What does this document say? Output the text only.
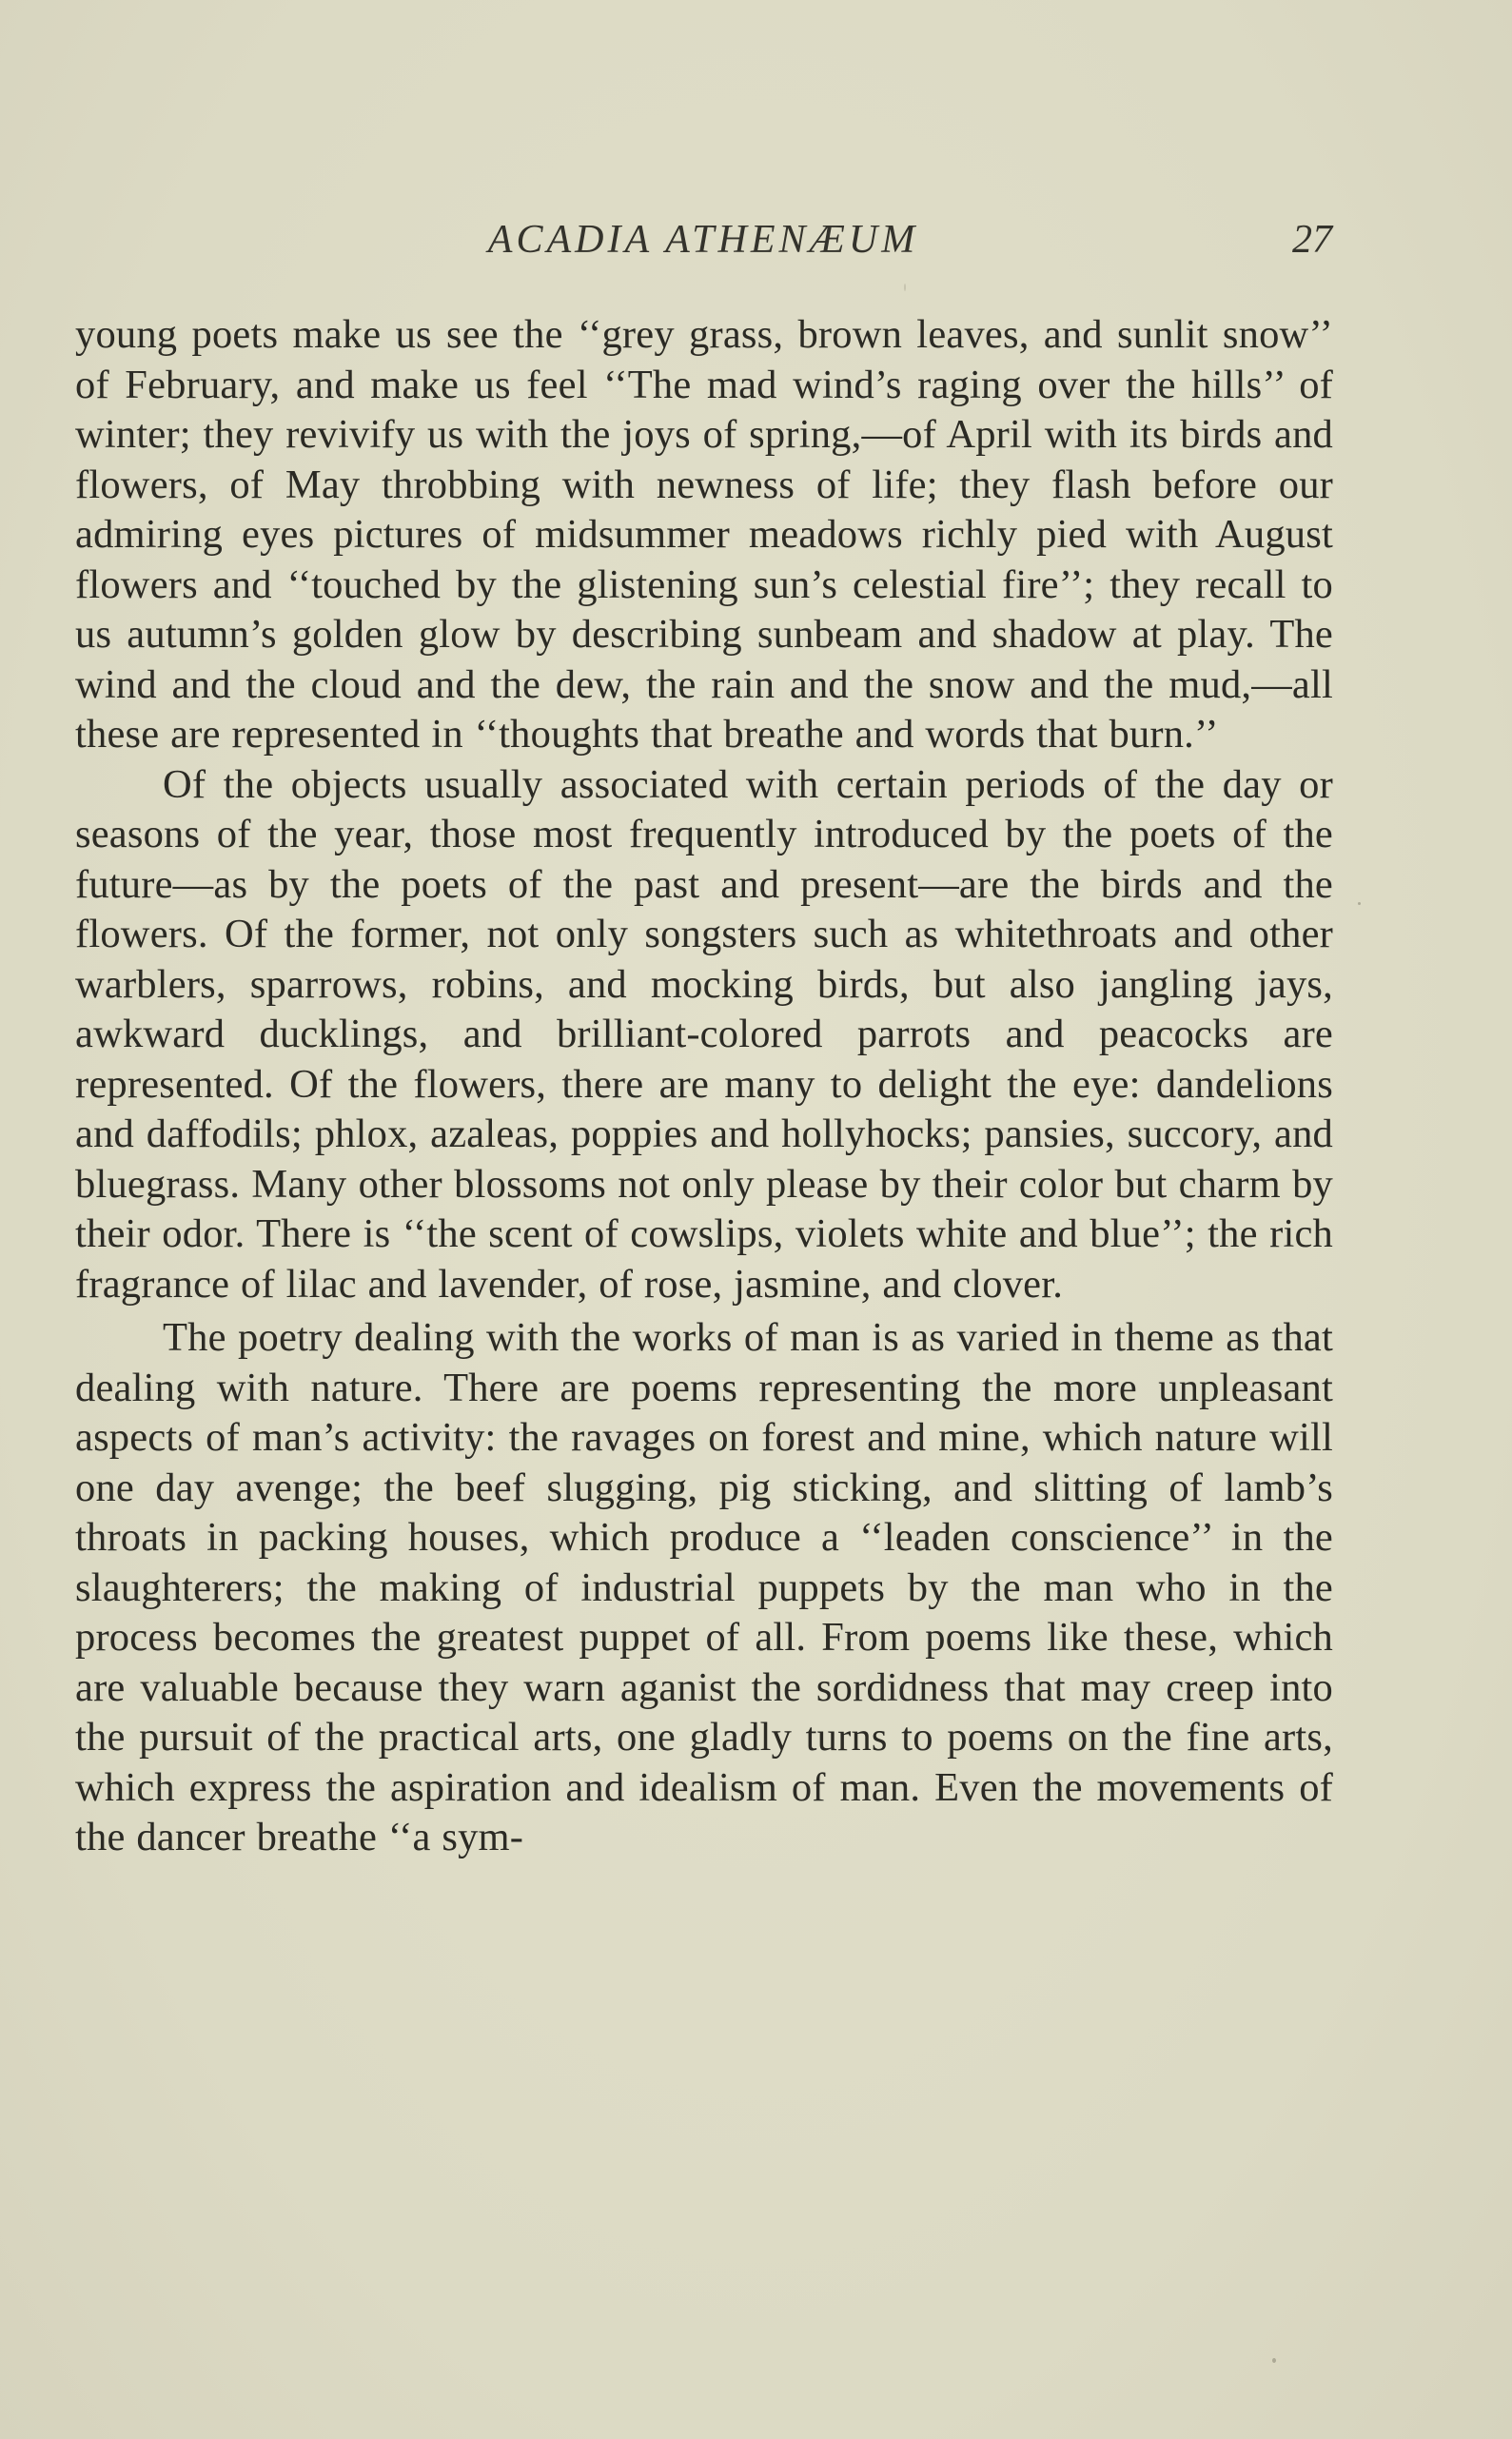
ACADIA ATHENÆUM	27

young poets make us see the ‘‘grey grass, brown leaves, and sunlit snow’’ of February, and make us feel ‘‘The mad wind’s raging over the hills’’ of winter; they revivify us with the joys of spring,—of April with its birds and flowers, of May throbbing with newness of life; they flash before our admiring eyes pictures of midsummer meadows richly pied with August flowers and ‘‘touched by the glistening sun’s celestial fire’’; they recall to us autumn’s golden glow by describing sunbeam and shadow at play. The wind and the cloud and the dew, the rain and the snow and the mud,—all these are represented in ‘‘thoughts that breathe and words that burn.’’

Of the objects usually associated with certain periods of the day or seasons of the year, those most frequently introduced by the poets of the future—as by the poets of the past and present—are the birds and the flowers. Of the former, not only songsters such as whitethroats and other warblers, sparrows, robins, and mocking birds, but also jangling jays, awkward ducklings, and brilliant-colored parrots and peacocks are represented. Of the flowers, there are many to delight the eye: dandelions and daffodils; phlox, azaleas, poppies and hollyhocks; pansies, succory, and bluegrass. Many other blossoms not only please by their color but charm by their odor. There is ‘‘the scent of cowslips, violets white and blue’’; the rich fragrance of lilac and lavender, of rose, jasmine, and clover.

The poetry dealing with the works of man is as varied in theme as that dealing with nature. There are poems representing the more unpleasant aspects of man’s activity: the ravages on forest and mine, which nature will one day avenge; the beef slugging, pig sticking, and slitting of lamb’s throats in packing houses, which produce a ‘‘leaden conscience’’ in the slaughterers; the making of industrial puppets by the man who in the process becomes the greatest puppet of all. From poems like these, which are valuable because they warn aganist the sordidness that may creep into the pursuit of the practical arts, one gladly turns to poems on the fine arts, which express the aspiration and idealism of man. Even the movements of the dancer breathe ‘‘a sym-
